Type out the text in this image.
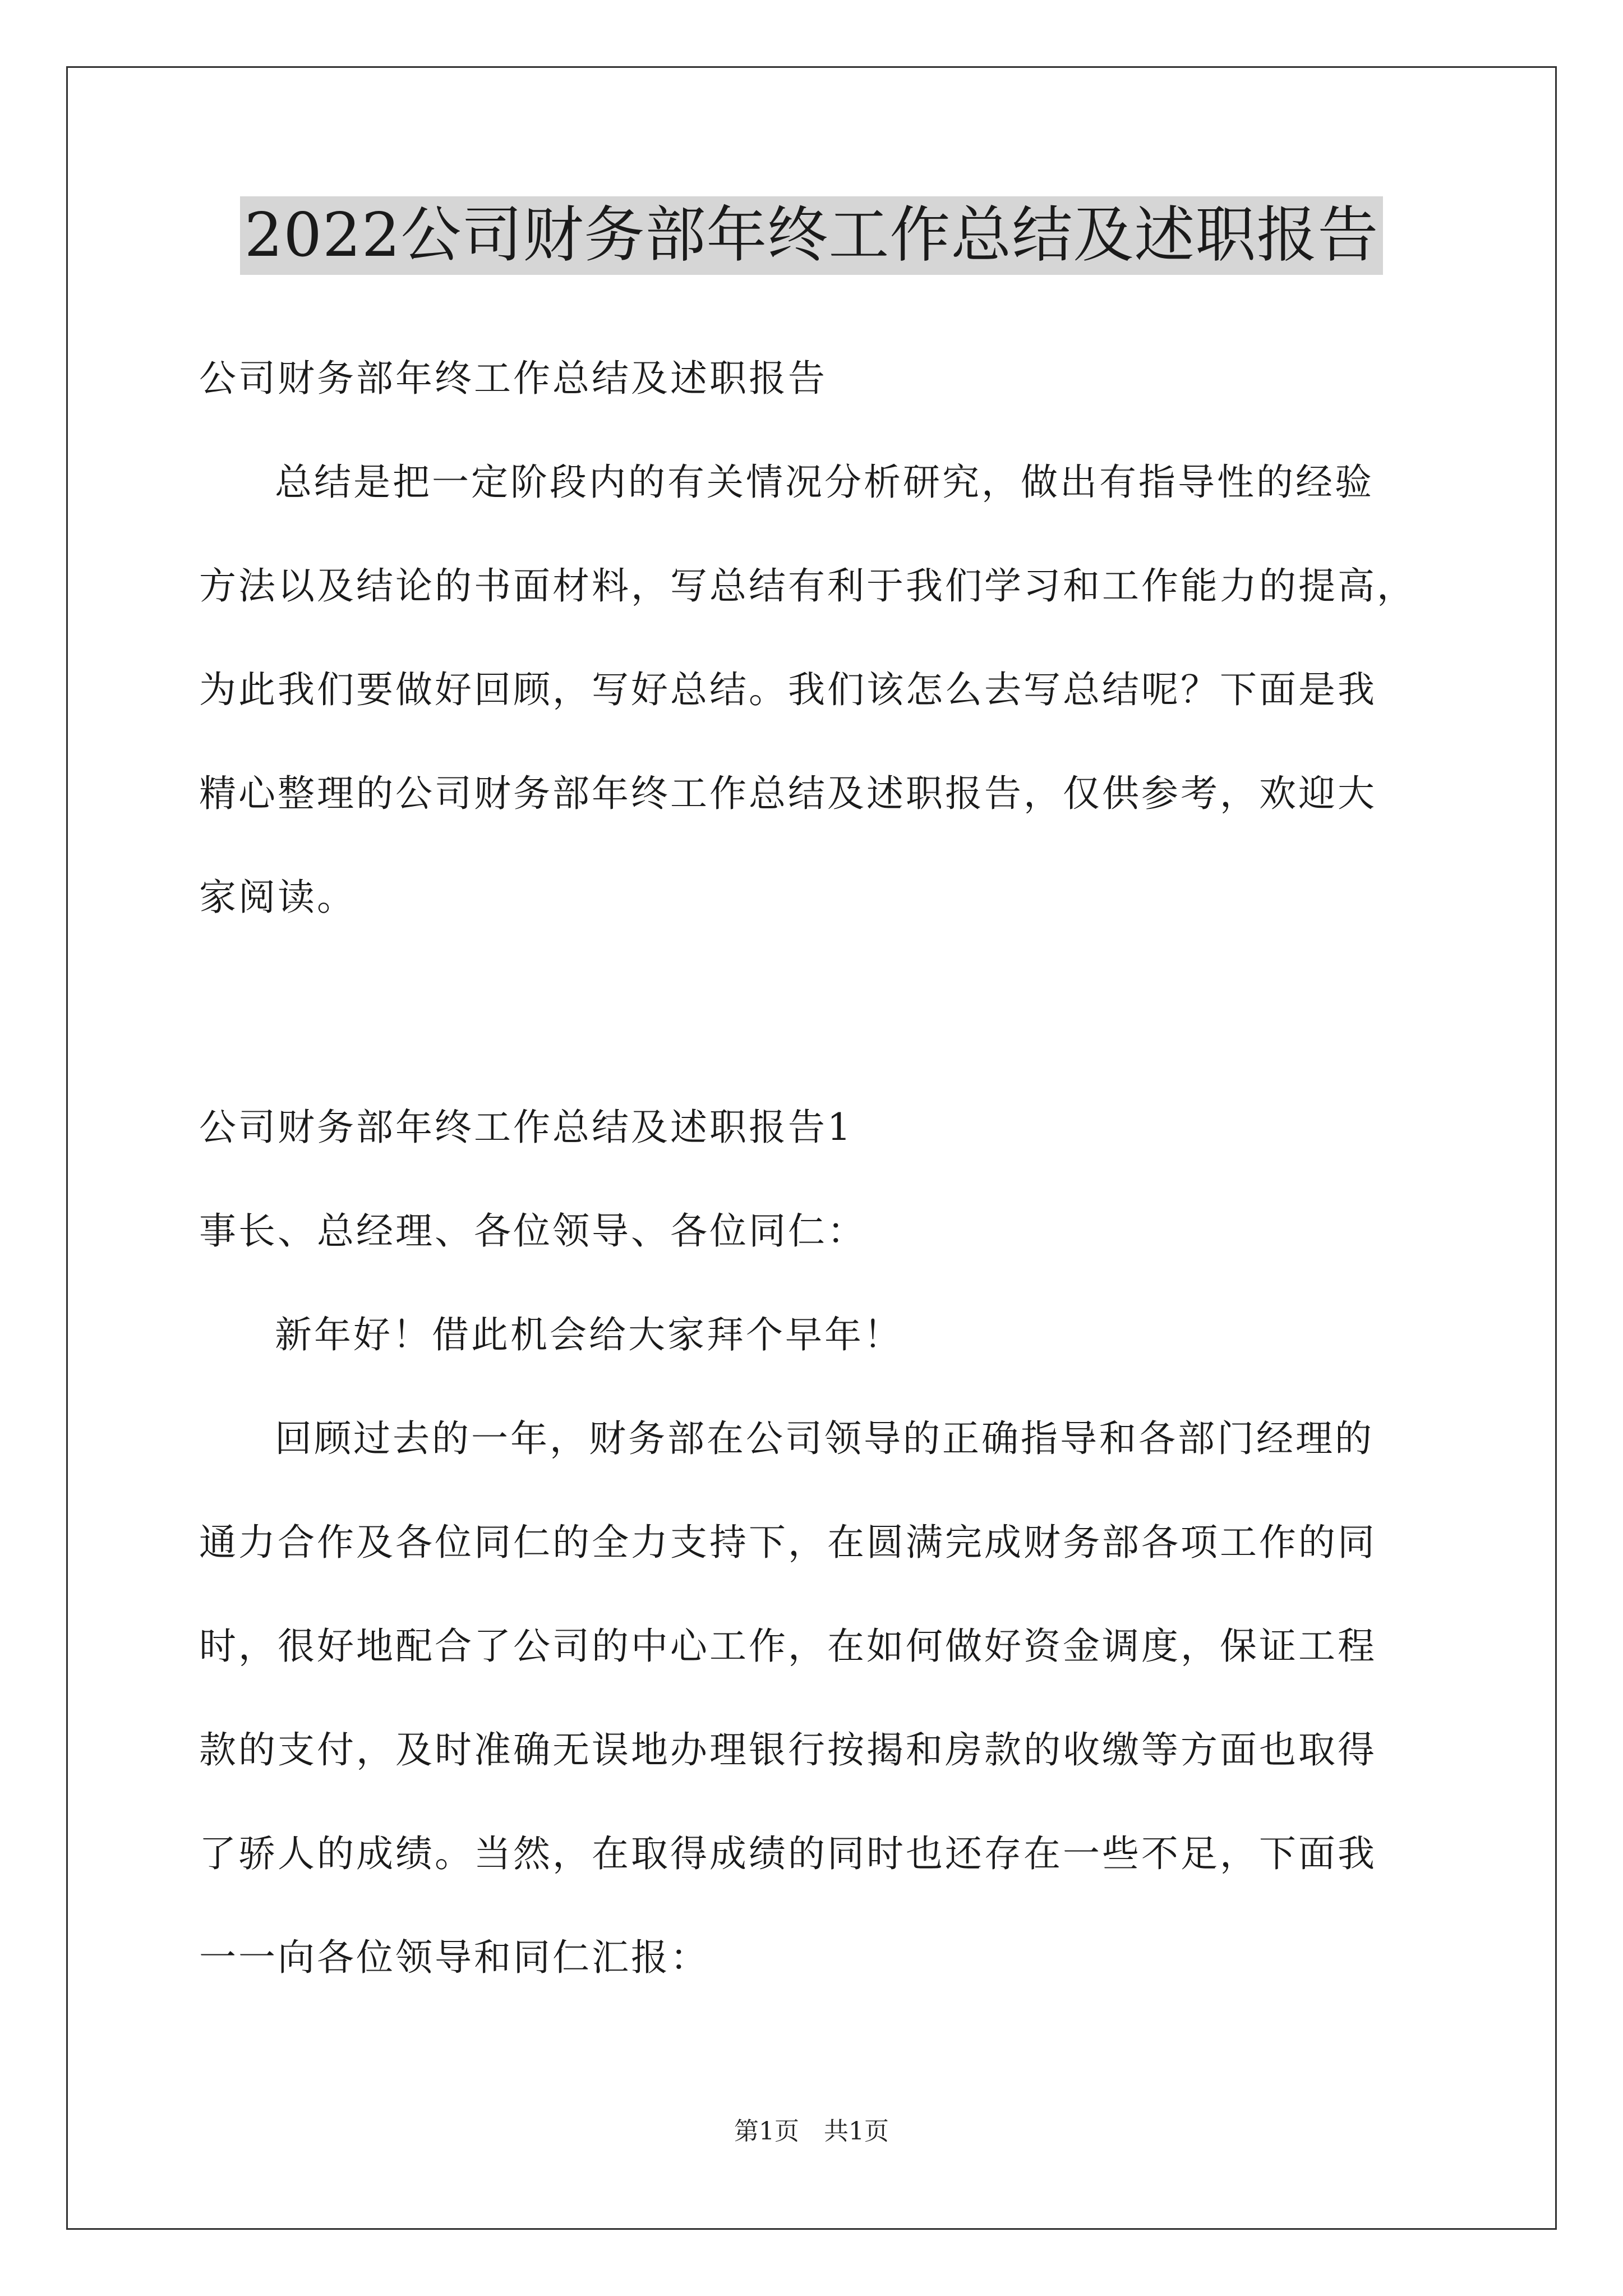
2022公司财务部年终工作总结及述职报告
公司财务部年终工作总结及述职报告
总结是把一定阶段内的有关情况分析研究，做出有指导性的经验
方法以及结论的书面材料，写总结有利于我们学习和工作能力的提高，
为此我们要做好回顾，写好总结。我们该怎么去写总结呢？下面是我
精心整理的公司财务部年终工作总结及述职报告，仅供参考，欢迎大
家阅读。
公司财务部年终工作总结及述职报告1
事长、总经理、各位领导、各位同仁：
新年好！借此机会给大家拜个早年！
回顾过去的一年，财务部在公司领导的正确指导和各部门经理的
通力合作及各位同仁的全力支持下，在圆满完成财务部各项工作的同
时，很好地配合了公司的中心工作，在如何做好资金调度，保证工程
款的支付，及时准确无误地办理银行按揭和房款的收缴等方面也取得
了骄人的成绩。当然，在取得成绩的同时也还存在一些不足，下面我
一一向各位领导和同仁汇报：
第1页 共1页
